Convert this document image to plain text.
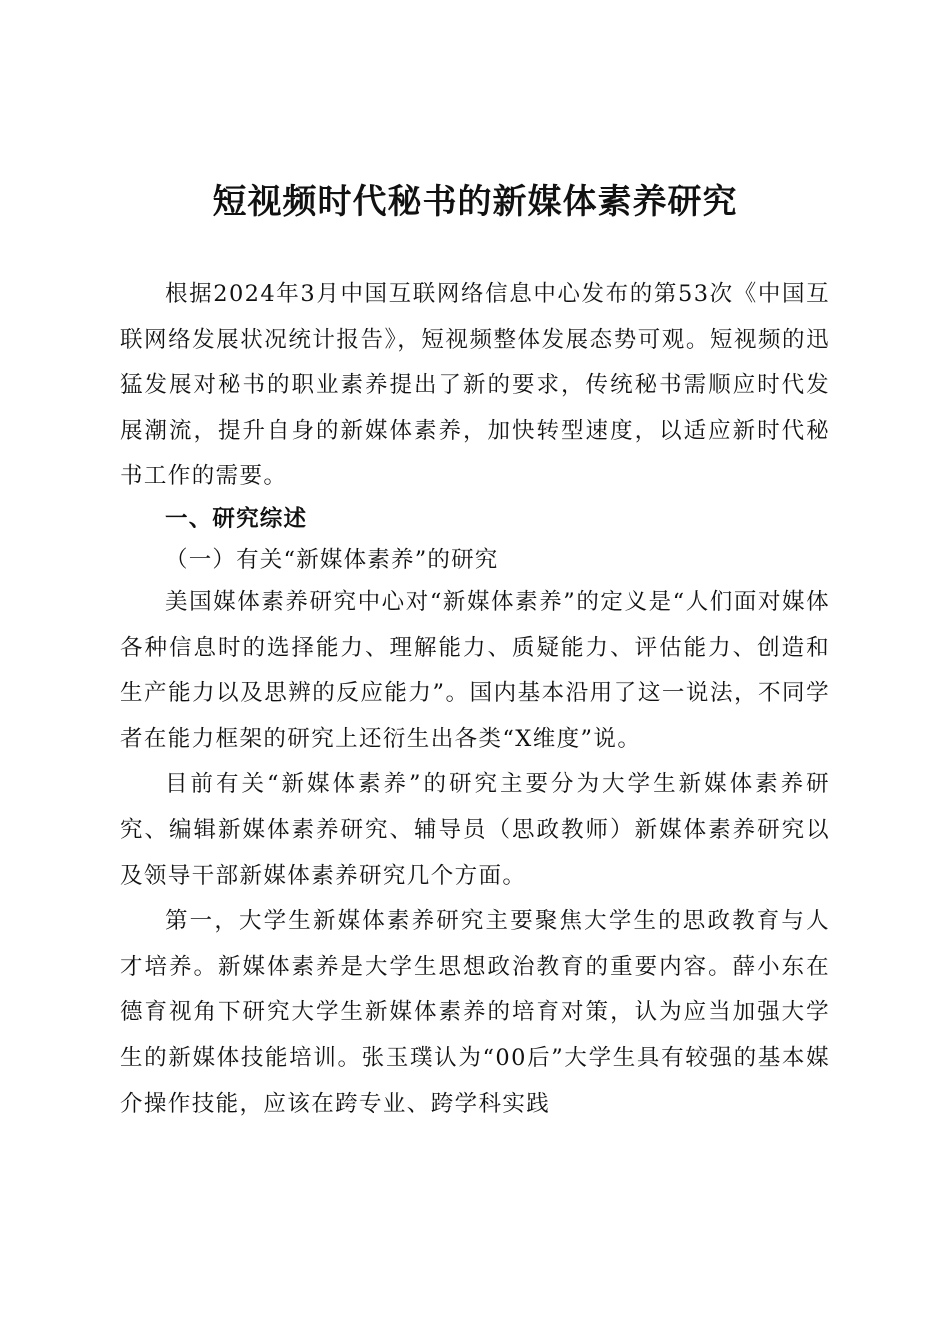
短视频时代秘书的新媒体素养研究

根据2024年3月中国互联网络信息中心发布的第53次《中国互联网络发展状况统计报告》，短视频整体发展态势可观。短视频的迅猛发展对秘书的职业素养提出了新的要求，传统秘书需顺应时代发展潮流，提升自身的新媒体素养，加快转型速度，以适应新时代秘书工作的需要。

一、研究综述
（一）有关“新媒体素养”的研究

美国媒体素养研究中心对“新媒体素养”的定义是“人们面对媒体各种信息时的选择能力、理解能力、质疑能力、评估能力、创造和生产能力以及思辨的反应能力”。国内基本沿用了这一说法，不同学者在能力框架的研究上还衍生出各类“X维度”说。

目前有关“新媒体素养”的研究主要分为大学生新媒体素养研究、编辑新媒体素养研究、辅导员（思政教师）新媒体素养研究以及领导干部新媒体素养研究几个方面。

第一，大学生新媒体素养研究主要聚焦大学生的思政教育与人才培养。新媒体素养是大学生思想政治教育的重要内容。薛小东在德育视角下研究大学生新媒体素养的培育对策，认为应当加强大学生的新媒体技能培训。张玉璞认为“00后”大学生具有较强的基本媒介操作技能，应该在跨专业、跨学科实践
